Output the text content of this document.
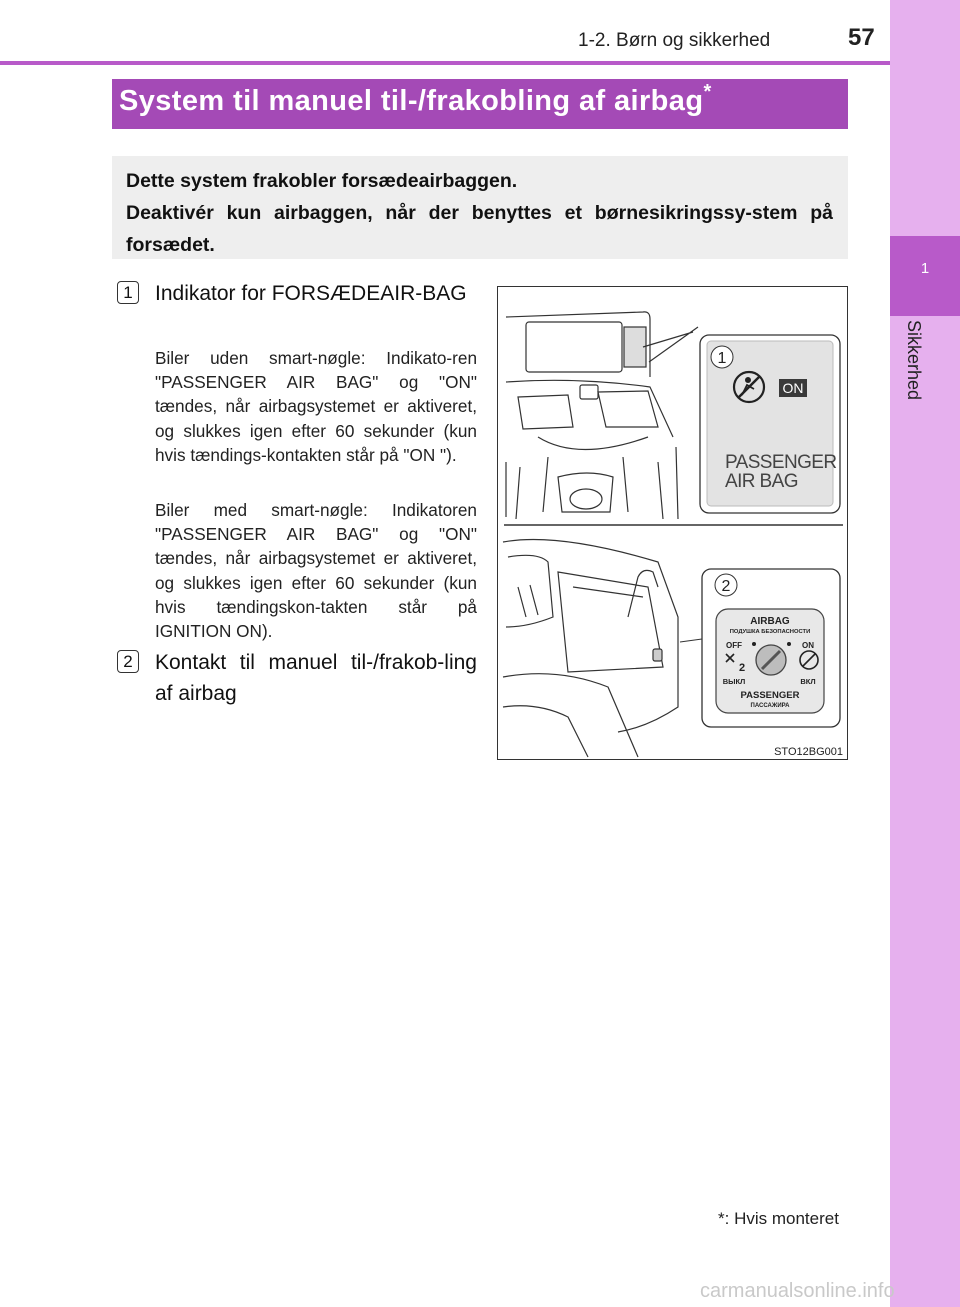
1
Sikkerhed
1-2. Børn og sikkerhed	57
System til manuel til-/frakobling af airbag *

Dette system frakobler forsædeairbaggen.

Deaktivér kun airbaggen, når der benyttes et børnesikringssy-stem på forsædet.

1 Indikator for FORSÆDEAIR-BAG
Biler uden smart-nøgle: Indikato-ren "PASSENGER AIR BAG" og "ON" tændes, når airbagsystemet er aktiveret, og slukkes igen efter 60 sekunder (kun hvis tændings-kontakten står på "ON ").
Biler med smart-nøgle: Indikatoren "PASSENGER AIR BAG" og "ON" tændes, når airbagsystemet er aktiveret, og slukkes igen efter 60 sekunder (kun hvis tændingskon-takten står på IGNITION ON).
2 Kontakt til manuel til-/frakob-ling af airbag
1
ON
PASSENGER
AIR BAG
2
AIRBAG
ПОДУШКА БЕЗОПАСНОСТИ
OFF	ON
2
ВЫКЛ	ВКЛ
PASSENGER
ПАССАЖИРА
STO12BG001
*: Hvis monteret
carmanualsonline.info
